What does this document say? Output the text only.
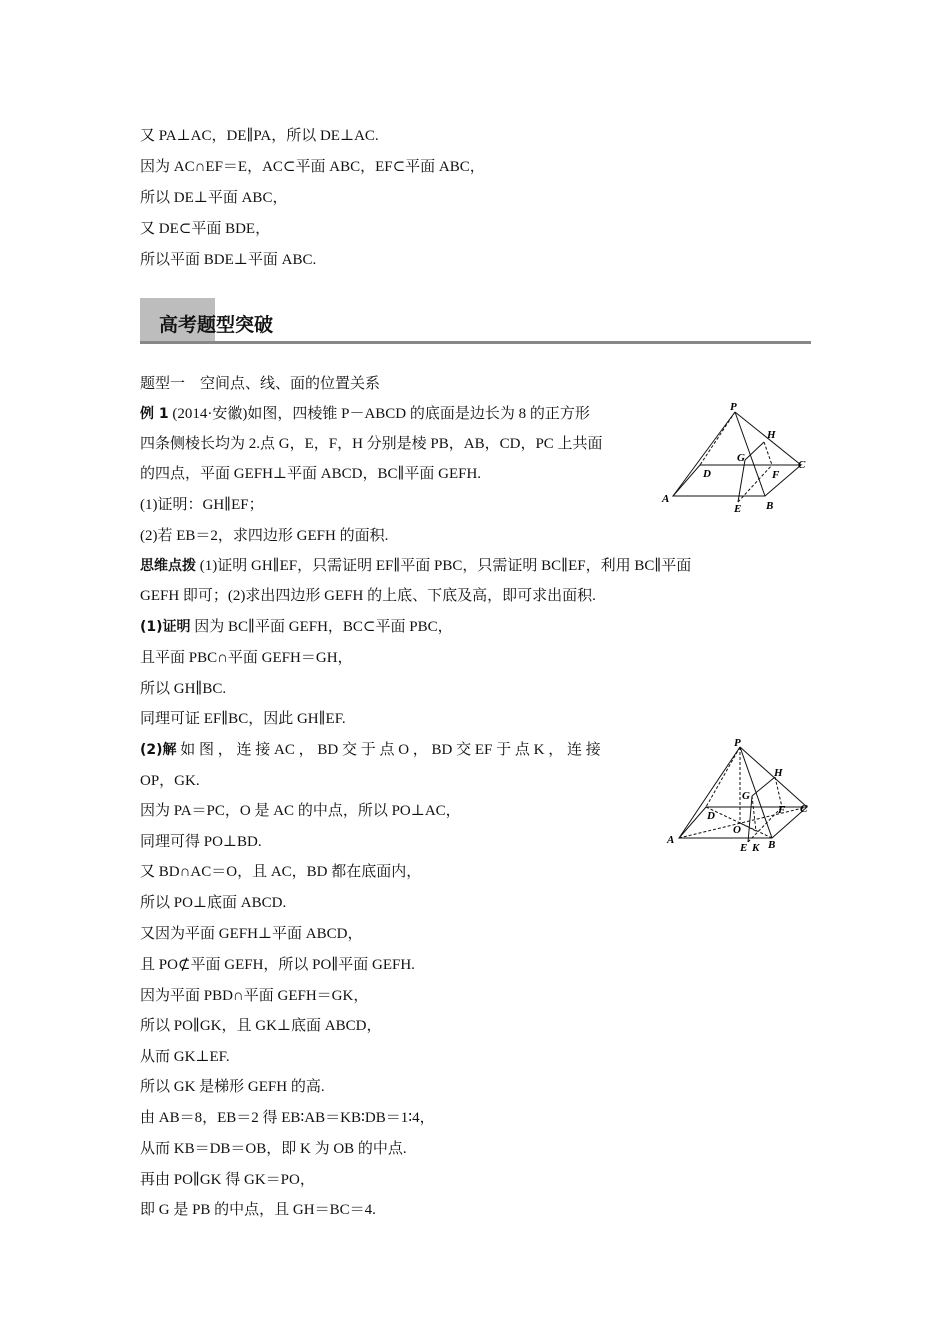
又 PA⊥AC，DE∥PA，所以 DE⊥AC.
因为 AC∩EF＝E，AC⊂平面 ABC，EF⊂平面 ABC，
所以 DE⊥平面 ABC，
又 DE⊂平面 BDE，
所以平面 BDE⊥平面 ABC.
高考题型突破
题型一　空间点、线、面的位置关系
例 1 (2014·安徽)如图，四棱锥 P－ABCD 的底面是边长为 8 的正方形
四条侧棱长均为 2.点 G，E，F，H 分别是棱 PB，AB，CD，PC 上共面
的四点，平面 GEFH⊥平面 ABCD，BC∥平面 GEFH.
(1)证明：GH∥EF；
(2)若 EB＝2，求四边形 GEFH 的面积.
P
H
G
D
C
F
A
E B
思维点拨 (1)证明 GH∥EF，只需证明 EF∥平面 PBC，只需证明 BC∥EF，利用 BC∥平面
GEFH 即可；(2)求出四边形 GEFH 的上底、下底及高，即可求出面积.
(1)证明 因为 BC∥平面 GEFH，BC⊂平面 PBC，
且平面 PBC∩平面 GEFH＝GH，
所以 GH∥BC.
同理可证 EF∥BC，因此 GH∥EF.
(2)解 如 图 ， 连 接 AC ， BD 交 于 点 O ， BD 交 EF 于 点 K ， 连 接
OP，GK.
因为 PA＝PC，O 是 AC 的中点，所以 PO⊥AC，
同理可得 PO⊥BD.
又 BD∩AC＝O，且 AC，BD 都在底面内，
所以 PO⊥底面 ABCD.
又因为平面 GEFH⊥平面 ABCD，
且 PO⊄平面 GEFH，所以 PO∥平面 GEFH.
因为平面 PBD∩平面 GEFH＝GK，
所以 PO∥GK，且 GK⊥底面 ABCD，
从而 GK⊥EF.
所以 GK 是梯形 GEFH 的高.
由 AB＝8，EB＝2 得 EB∶AB＝KB∶DB＝1∶4，
从而 KB＝DB＝OB，即 K 为 OB 的中点.
再由 PO∥GK 得 GK＝PO，
即 G 是 PB 的中点，且 GH＝BC＝4.
P
H
G
D	F C
O
A
E K B
